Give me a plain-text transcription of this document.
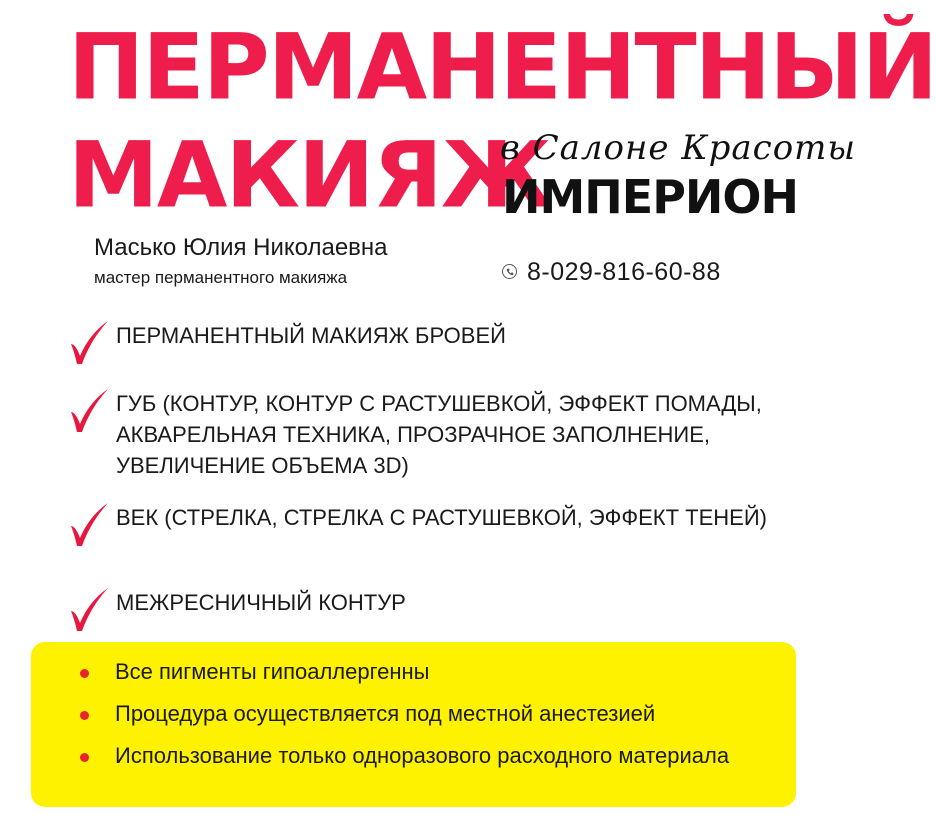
ПЕРМАНЕНТНЫЙ
МАКИЯЖ
в Салоне Красоты
ИМПЕРИОН
Масько Юлия Николаевна
мастер перманентного макияжа	8-029-816-60-88
ПЕРМАНЕНТНЫЙ МАКИЯЖ БРОВЕЙ
ГУБ (КОНТУР, КОНТУР С РАСТУШЕВКОЙ, ЭФФЕКТ ПОМАДЫ, АКВАРЕЛЬНАЯ ТЕХНИКА, ПРОЗРАЧНОЕ ЗАПОЛНЕНИЕ, УВЕЛИЧЕНИЕ ОБЪЕМА 3D)
ВЕК (СТРЕЛКА, СТРЕЛКА С РАСТУШЕВКОЙ, ЭФФЕКТ ТЕНЕЙ)
МЕЖРЕСНИЧНЫЙ КОНТУР
Все пигменты гипоаллергенны
Процедура осуществляется под местной анестезией
Использование только одноразового расходного материала
